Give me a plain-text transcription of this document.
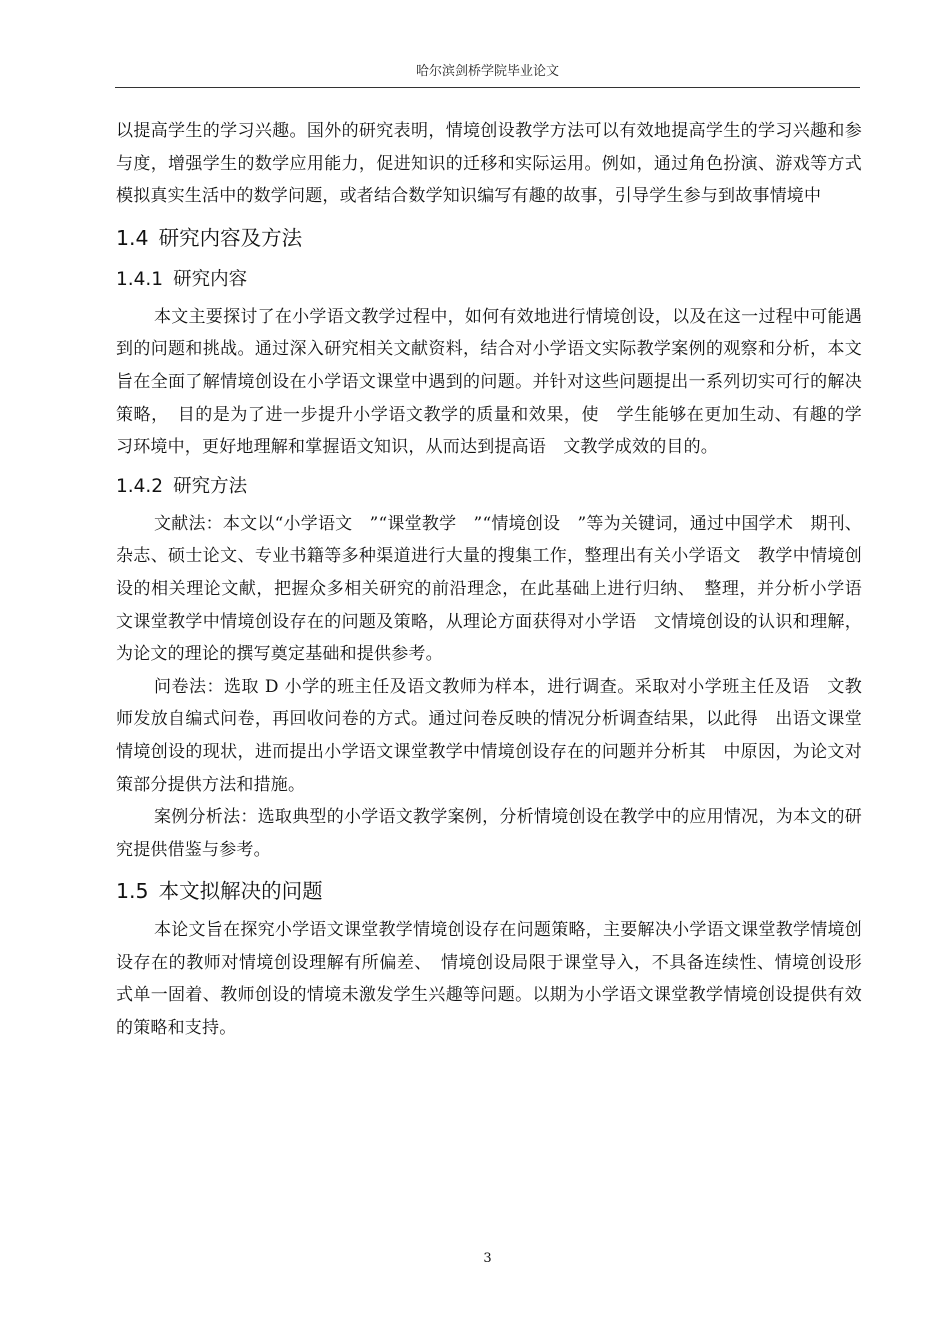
哈尔滨剑桥学院毕业论文

以提高学生的学习兴趣。国外的研究表明，情境创设教学方法可以有效地提高学生的学习兴趣和参与度，增强学生的数学应用能力，促进知识的迁移和实际运用。例如，通过角色扮演、游戏等方式模拟真实生活中的数学问题，或者结合数学知识编写有趣的故事，引导学生参与到故事情境中

1.4 研究内容及方法
1.4.1 研究内容

本文主要探讨了在小学语文教学过程中，如何有效地进行情境创设，以及在这一过程中可能遇到的问题和挑战。通过深入研究相关文献资料，结合对小学语文实际教学案例的观察和分析，本文旨在全面了解情境创设在小学语文课堂中遇到的问题。并针对这些问题提出一系列切实可行的解决策略，　目的是为了进一步提升小学语文教学的质量和效果，使　学生能够在更加生动、有趣的学习环境中，更好地理解和掌握语文知识，从而达到提高语　文教学成效的目的。

1.4.2 研究方法

文献法：本文以“小学语文　”“课堂教学　”“情境创设　”等为关键词，通过中国学术　期刊、杂志、硕士论文、专业书籍等多种渠道进行大量的搜集工作，整理出有关小学语文　教学中情境创设的相关理论文献，把握众多相关研究的前沿理念，在此基础上进行归纳、　整理，并分析小学语文课堂教学中情境创设存在的问题及策略，从理论方面获得对小学语　文情境创设的认识和理解，为论文的理论的撰写奠定基础和提供参考。

问卷法：选取 D 小学的班主任及语文教师为样本，进行调查。采取对小学班主任及语　文教师发放自编式问卷，再回收问卷的方式。通过问卷反映的情况分析调查结果，以此得　出语文课堂情境创设的现状，进而提出小学语文课堂教学中情境创设存在的问题并分析其　中原因，为论文对策部分提供方法和措施。

案例分析法：选取典型的小学语文教学案例，分析情境创设在教学中的应用情况，为本文的研究提供借鉴与参考。

1.5 本文拟解决的问题

本论文旨在探究小学语文课堂教学情境创设存在问题策略，主要解决小学语文课堂教学情境创设存在的教师对情境创设理解有所偏差、　情境创设局限于课堂导入，不具备连续性、情境创设形式单一固着、教师创设的情境未激发学生兴趣等问题。以期为小学语文课堂教学情境创设提供有效的策略和支持。

3
